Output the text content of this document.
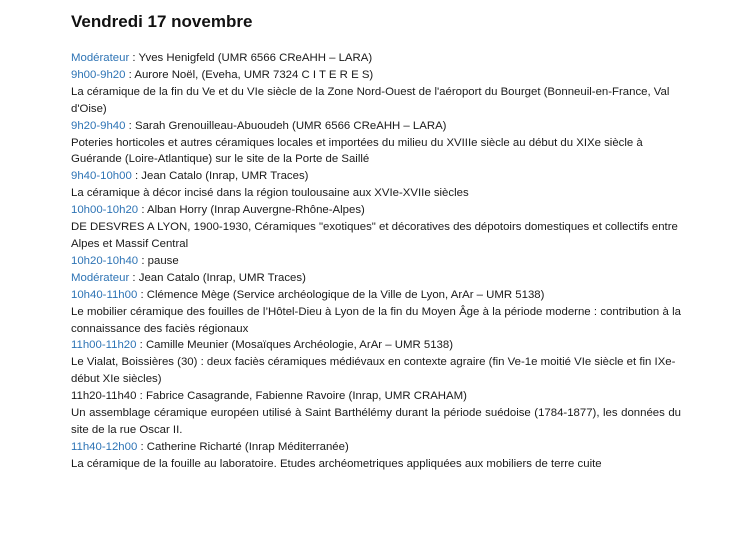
Vendredi 17 novembre

Modérateur : Yves Henigfeld (UMR 6566 CReAHH – LARA)

9h00-9h20 : Aurore Noël, (Eveha, UMR 7324 C I T E R E S)

La céramique de la fin du Ve et du VIe siècle de la Zone Nord-Ouest de l'aéroport du Bourget (Bonneuil-en-France, Val d'Oise)

9h20-9h40 : Sarah Grenouilleau-Abuoudeh (UMR 6566 CReAHH – LARA)

Poteries horticoles et autres céramiques locales et importées du milieu du XVIIIe siècle au début du XIXe siècle à Guérande (Loire-Atlantique) sur le site de la Porte de Saillé

9h40-10h00 : Jean Catalo (Inrap, UMR Traces)

La céramique à décor incisé dans la région toulousaine aux XVIe-XVIIe siècles

10h00-10h20 : Alban Horry (Inrap Auvergne-Rhône-Alpes)

DE DESVRES A LYON, 1900-1930, Céramiques "exotiques" et décoratives des dépotoirs domestiques et collectifs entre Alpes et Massif Central

10h20-10h40 : pause

Modérateur : Jean Catalo (Inrap, UMR Traces)

10h40-11h00 : Clémence Mège (Service archéologique de la Ville de Lyon, ArAr – UMR 5138)

Le mobilier céramique des fouilles de l’Hôtel-Dieu à Lyon de la fin du Moyen Âge à la période moderne : contribution à la connaissance des faciès régionaux

11h00-11h20 : Camille Meunier (Mosaïques Archéologie, ArAr – UMR 5138)

Le Vialat, Boissières (30) : deux faciès céramiques médiévaux en contexte agraire (fin Ve-1e moitié VIe siècle et fin IXe-début XIe siècles)

11h20-11h40 : Fabrice Casagrande, Fabienne Ravoire (Inrap, UMR CRAHAM)

Un assemblage céramique européen utilisé à Saint Barthélémy durant la période suédoise (1784-1877), les données du site de la rue Oscar II.

11h40-12h00 : Catherine Richarté (Inrap Méditerranée)

La céramique de la fouille au laboratoire. Etudes archéometriques appliquées aux mobiliers de terre cuite
